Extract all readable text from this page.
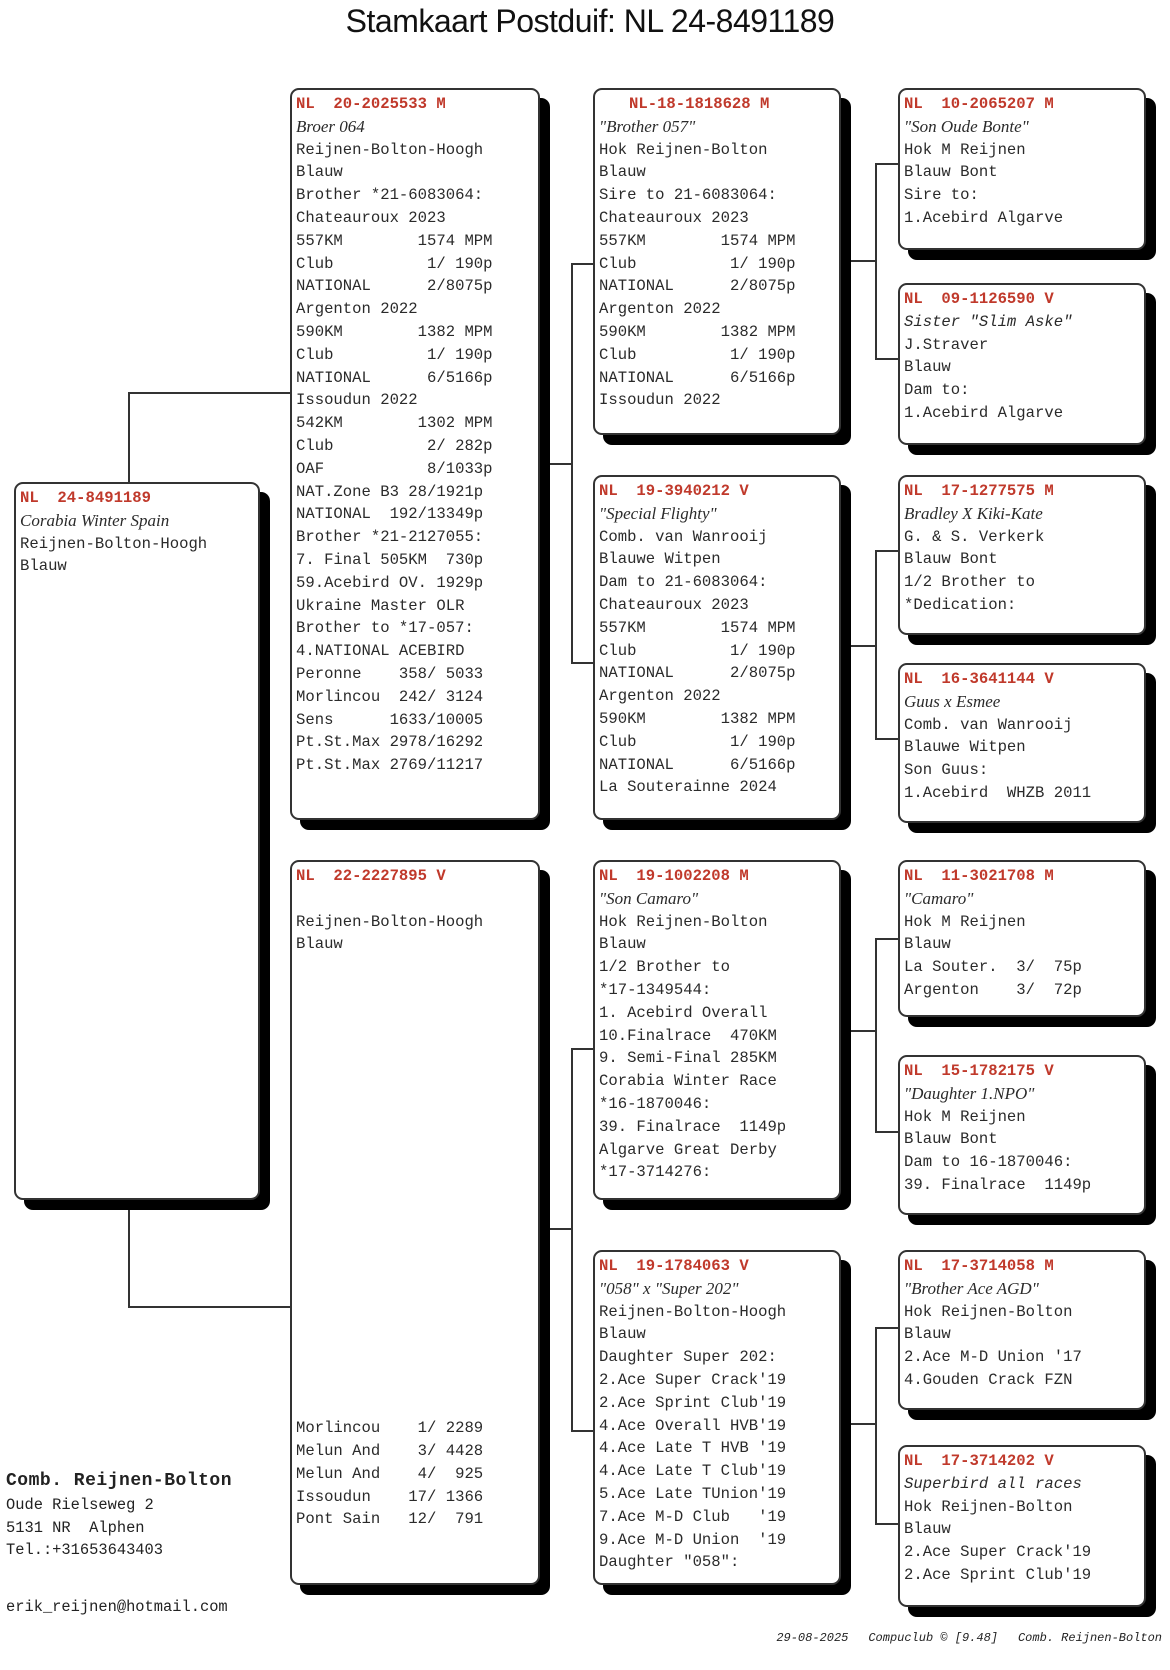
Stamkaart Postduif: NL 24-8491189
NL  24-8491189
Corabia Winter Spain
Reijnen-Bolton-Hoogh
Blauw
NL  20-2025533 M
Broer 064
Reijnen-Bolton-Hoogh
Blauw
Brother *21-6083064:
Chateauroux 2023
557KM        1574 MPM
Club          1/ 190p
NATIONAL      2/8075p
Argenton 2022
590KM        1382 MPM
Club          1/ 190p
NATIONAL      6/5166p
Issoudun 2022
542KM        1302 MPM
Club          2/ 282p
OAF           8/1033p
NAT.Zone B3 28/1921p
NATIONAL  192/13349p
Brother *21-2127055:
7. Final 505KM  730p
59.Acebird OV. 1929p
Ukraine Master OLR
Brother to *17-057:
4.NATIONAL ACEBIRD
Peronne    358/ 5033
Morlincou  242/ 3124
Sens      1633/10005
Pt.St.Max 2978/16292
Pt.St.Max 2769/11217
NL  22-2227895 V
Reijnen-Bolton-Hoogh
Blauw
Morlincou    1/ 2289
Melun And    3/ 4428
Melun And    4/  925
Issoudun    17/ 1366
Pont Sain   12/  791
NL-18-1818628 M
"Brother 057"
Hok Reijnen-Bolton
Blauw
Sire to 21-6083064:
Chateauroux 2023
557KM        1574 MPM
Club          1/ 190p
NATIONAL      2/8075p
Argenton 2022
590KM        1382 MPM
Club          1/ 190p
NATIONAL      6/5166p
Issoudun 2022
NL  19-3940212 V
"Special Flighty"
Comb. van Wanrooij
Blauwe Witpen
Dam to 21-6083064:
Chateauroux 2023
557KM        1574 MPM
Club          1/ 190p
NATIONAL      2/8075p
Argenton 2022
590KM        1382 MPM
Club          1/ 190p
NATIONAL      6/5166p
La Souterainne 2024
NL  19-1002208 M
"Son Camaro"
Hok Reijnen-Bolton
Blauw
1/2 Brother to
*17-1349544:
1. Acebird Overall
10.Finalrace  470KM
9. Semi-Final 285KM
Corabia Winter Race
*16-1870046:
39. Finalrace  1149p
Algarve Great Derby
*17-3714276:
NL  19-1784063 V
"058" x "Super 202"
Reijnen-Bolton-Hoogh
Blauw
Daughter Super 202:
2.Ace Super Crack'19
2.Ace Sprint Club'19
4.Ace Overall HVB'19
4.Ace Late T HVB '19
4.Ace Late T Club'19
5.Ace Late TUnion'19
7.Ace M-D Club   '19
9.Ace M-D Union  '19
Daughter "058":
NL  10-2065207 M
"Son Oude Bonte"
Hok M Reijnen
Blauw Bont
Sire to:
1.Acebird Algarve
NL  09-1126590 V
Sister "Slim Aske"
J.Straver
Blauw
Dam to:
1.Acebird Algarve
NL  17-1277575 M
Bradley X Kiki-Kate
G. & S. Verkerk
Blauw Bont
1/2 Brother to
*Dedication:
NL  16-3641144 V
Guus x Esmee
Comb. van Wanrooij
Blauwe Witpen
Son Guus:
1.Acebird  WHZB 2011
NL  11-3021708 M
"Camaro"
Hok M Reijnen
Blauw
La Souter.  3/  75p
Argenton    3/  72p
NL  15-1782175 V
"Daughter 1.NPO"
Hok M Reijnen
Blauw Bont
Dam to 16-1870046:
39. Finalrace  1149p
NL  17-3714058 M
"Brother Ace AGD"
Hok Reijnen-Bolton
Blauw
2.Ace M-D Union '17
4.Gouden Crack FZN
NL  17-3714202 V
Superbird all races
Hok Reijnen-Bolton
Blauw
2.Ace Super Crack'19
2.Ace Sprint Club'19
Comb. Reijnen-Bolton
Oude Rielseweg 2
5131 NR  Alphen
Tel.:+31653643403
erik_reijnen@hotmail.com
29-08-2025 Compuclub © [9.48] Comb. Reijnen-Bolton
